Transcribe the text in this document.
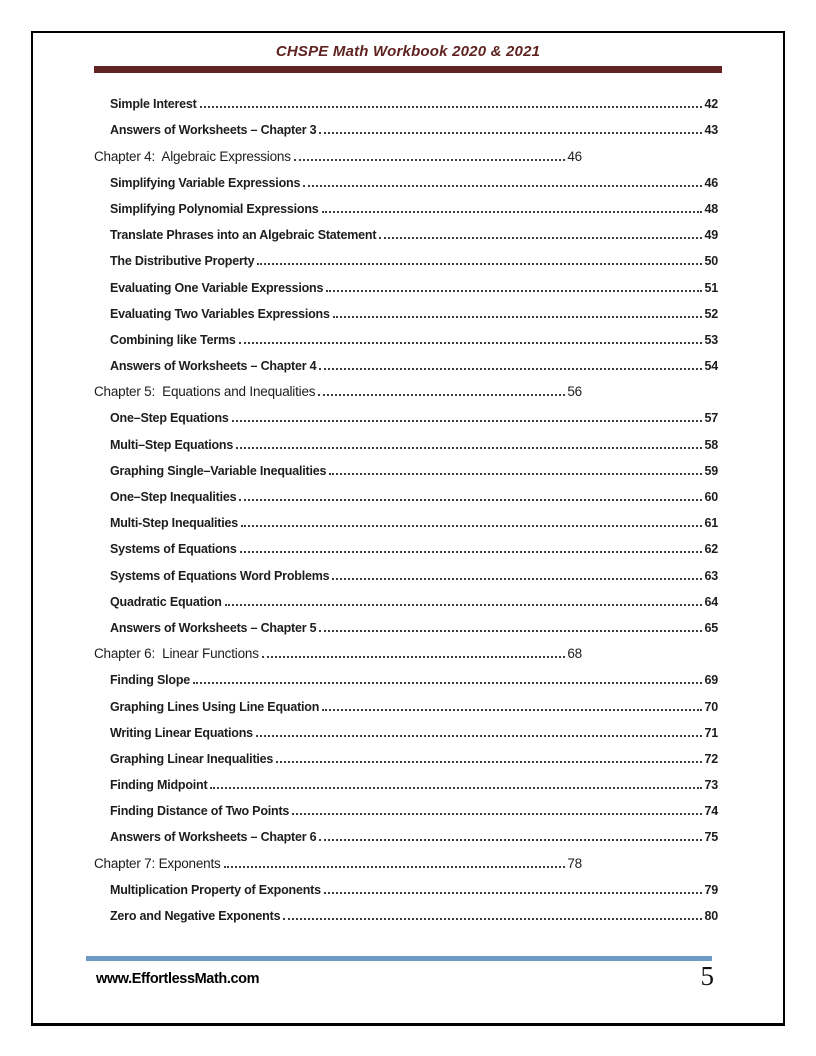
CHSPE Math Workbook 2020 & 2021
Simple Interest	42
Answers of Worksheets – Chapter 3	43
Chapter 4:  Algebraic Expressions	46
Simplifying Variable Expressions	46
Simplifying Polynomial Expressions	48
Translate Phrases into an Algebraic Statement	49
The Distributive Property	50
Evaluating One Variable Expressions	51
Evaluating Two Variables Expressions	52
Combining like Terms	53
Answers of Worksheets – Chapter 4	54
Chapter 5:  Equations and Inequalities	56
One–Step Equations	57
Multi–Step Equations	58
Graphing Single–Variable Inequalities	59
One–Step Inequalities	60
Multi-Step Inequalities	61
Systems of Equations	62
Systems of Equations Word Problems	63
Quadratic Equation	64
Answers of Worksheets – Chapter 5	65
Chapter 6:  Linear Functions	68
Finding Slope	69
Graphing Lines Using Line Equation	70
Writing Linear Equations	71
Graphing Linear Inequalities	72
Finding Midpoint	73
Finding Distance of Two Points	74
Answers of Worksheets – Chapter 6	75
Chapter 7: Exponents	78
Multiplication Property of Exponents	79
Zero and Negative Exponents	80
www.EffortlessMath.com	5
